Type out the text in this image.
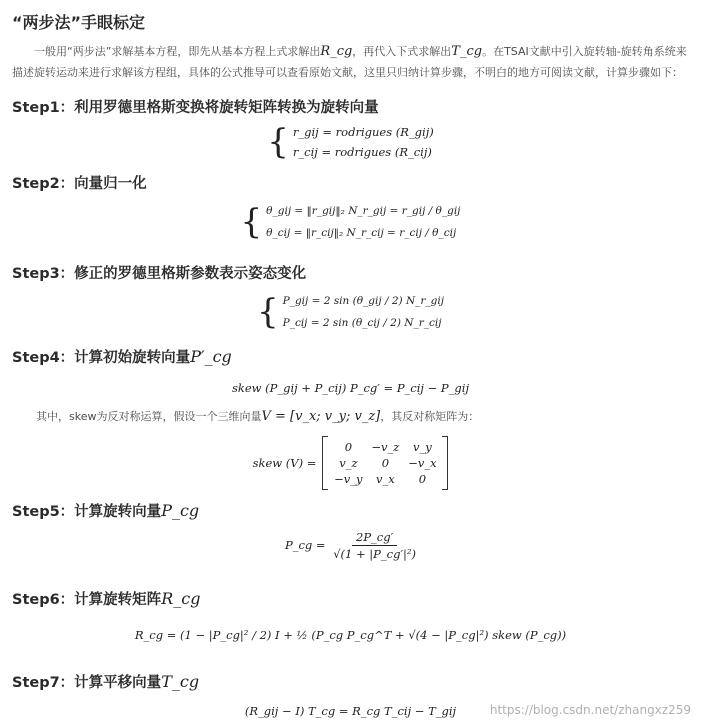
“两步法”手眼标定
一般用“两步法”求解基本方程，即先从基本方程上式求解出R_cg，再代入下式求解出T_cg。在TSAI文献中引入旋转轴-旋转角系统来描述旋转运动来进行求解该方程组，具体的公式推导可以查看原始文献，这里只归纳计算步骤，不明白的地方可阅读文献，计算步骤如下：
Step1：利用罗德里格斯变换将旋转矩阵转换为旋转向量
{ r_gij = rodrigues (R_gij)
r_cij = rodrigues (R_cij)
Step2：向量归一化
{ θ_gij = ‖r_gij‖₂ N_r_gij = r_gij / θ_gij
θ_cij = ‖r_cij‖₂ N_r_cij = r_cij / θ_cij
Step3：修正的罗德里格斯参数表示姿态变化
{ P_gij = 2 sin (θ_gij / 2) N_r_gij
P_cij = 2 sin (θ_cij / 2) N_r_cij
Step4：计算初始旋转向量P′_cg
skew (P_gij + P_cij) P_cg′ = P_cij − P_gij
其中，skew为反对称运算，假设一个三维向量V = [v_x; v_y; v_z]，其反对称矩阵为：
skew (V) =
0	−v_z	v_y
v_z	0	−v_x
−v_y	v_x	0
Step5：计算旋转向量P_cg
P_cg = $\frac{2P\_cg'}{\text{√(1 + |P\_cg′|²)}}$
Step6：计算旋转矩阵R_cg
R_cg = (1 − |P_cg|² / 2) I + ½ (P_cg P_cg^T + √(4 − |P_cg|²) skew (P_cg))
Step7：计算平移向量T_cg
(R_gij − I) T_cg = R_cg T_cij − T_gij	https://blog.csdn.net/zhangxz259
